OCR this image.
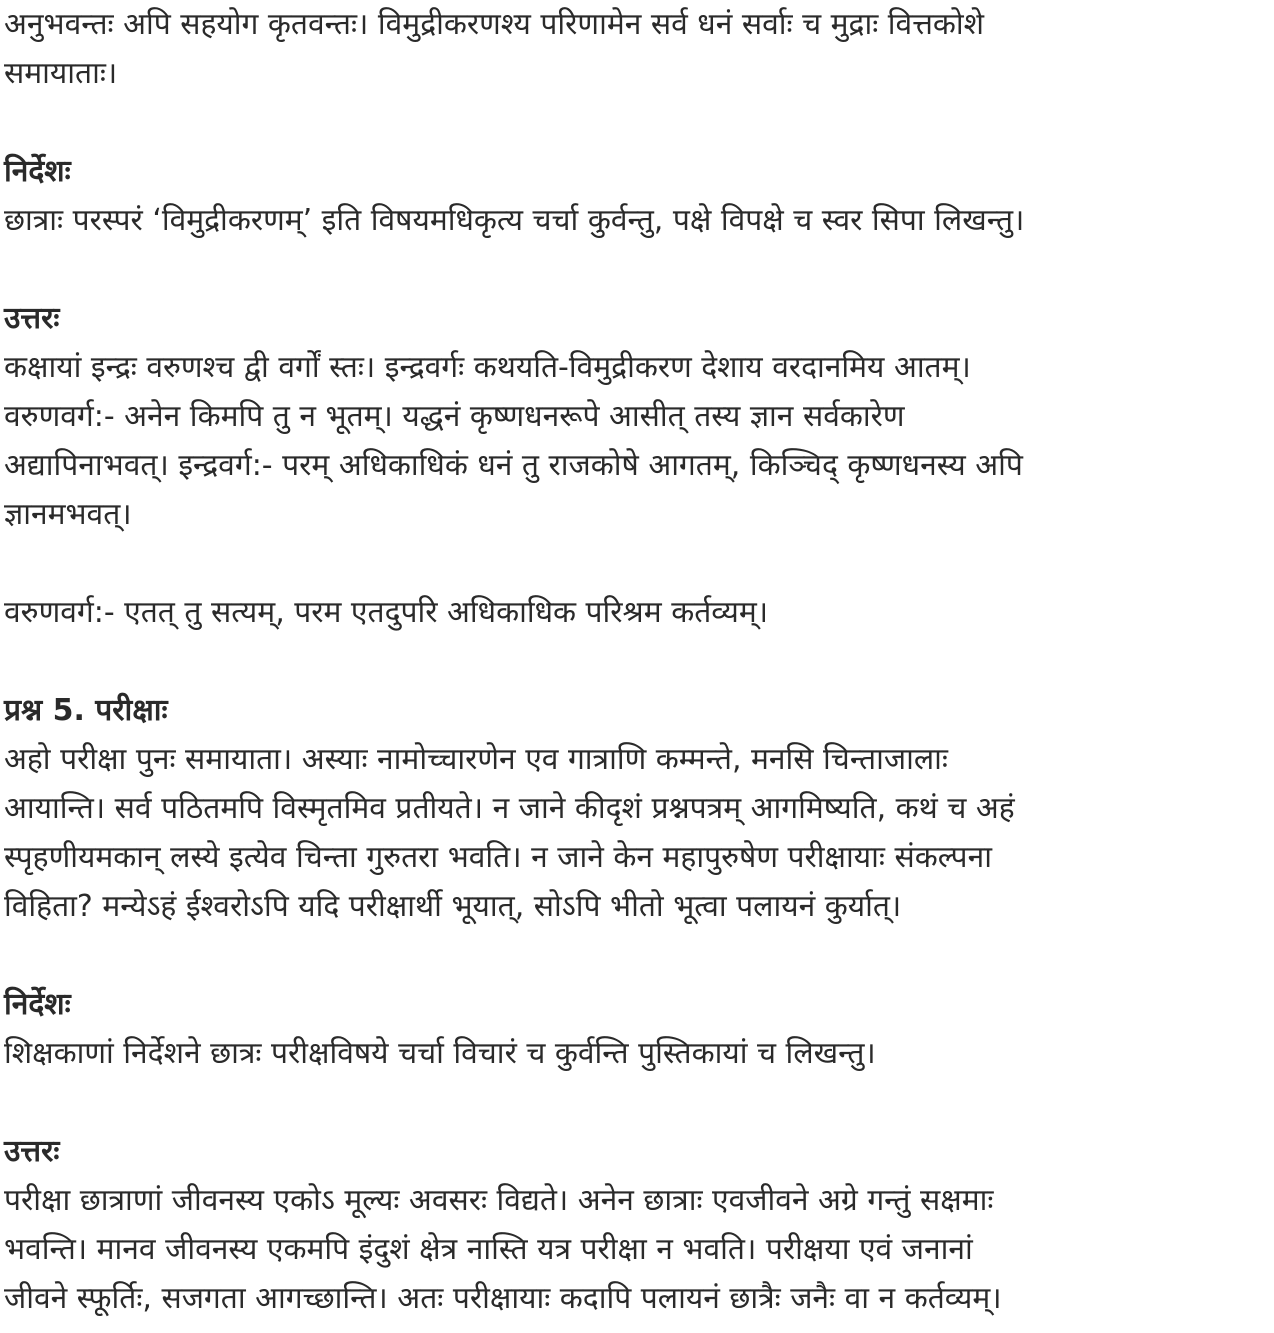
अनुभवन्तः अपि सहयोग कृतवन्तः। विमुद्रीकरणश्य परिणामेन सर्व धनं सर्वाः च मुद्राः वित्तकोशे
समायाताः।
निर्देशः
छात्राः परस्परं ‘विमुद्रीकरणम्’ इति विषयमधिकृत्य चर्चा कुर्वन्तु, पक्षे विपक्षे च स्वर सिपा लिखन्तु।
उत्तरः
कक्षायां इन्द्रः वरुणश्च द्वी वर्गों स्तः। इन्द्रवर्गः कथयति-विमुद्रीकरण देशाय वरदानमिय आतम्।
वरुणवर्ग:- अनेन किमपि तु न भूतम्। यद्धनं कृष्णधनरूपे आसीत् तस्य ज्ञान सर्वकारेण
अद्यापिनाभवत्। इन्द्रवर्ग:- परम् अधिकाधिकं धनं तु राजकोषे आगतम्, किञ्चिद् कृष्णधनस्य अपि
ज्ञानमभवत्।
वरुणवर्ग:- एतत् तु सत्यम्, परम एतदुपरि अधिकाधिक परिश्रम कर्तव्यम्।
प्रश्न 5. परीक्षाः
अहो परीक्षा पुनः समायाता। अस्याः नामोच्चारणेन एव गात्राणि कम्मन्ते, मनसि चिन्ताजालाः
आयान्ति। सर्व पठितमपि विस्मृतमिव प्रतीयते। न जाने कीदृशं प्रश्नपत्रम् आगमिष्यति, कथं च अहं
स्पृहणीयमकान् लस्ये इत्येव चिन्ता गुरुतरा भवति। न जाने केन महापुरुषेण परीक्षायाः संकल्पना
विहिता? मन्येऽहं ईश्वरोऽपि यदि परीक्षार्थी भूयात्, सोऽपि भीतो भूत्वा पलायनं कुर्यात्।
निर्देशः
शिक्षकाणां निर्देशने छात्रः परीक्षविषये चर्चा विचारं च कुर्वन्ति पुस्तिकायां च लिखन्तु।
उत्तरः
परीक्षा छात्राणां जीवनस्य एकोऽ मूल्यः अवसरः विद्यते। अनेन छात्राः एवजीवने अग्रे गन्तुं सक्षमाः
भवन्ति। मानव जीवनस्य एकमपि इंदुशं क्षेत्र नास्ति यत्र परीक्षा न भवति। परीक्षया एवं जनानां
जीवने स्फूर्तिः, सजगता आगच्छान्ति। अतः परीक्षायाः कदापि पलायनं छात्रैः जनैः वा न कर्तव्यम्।
